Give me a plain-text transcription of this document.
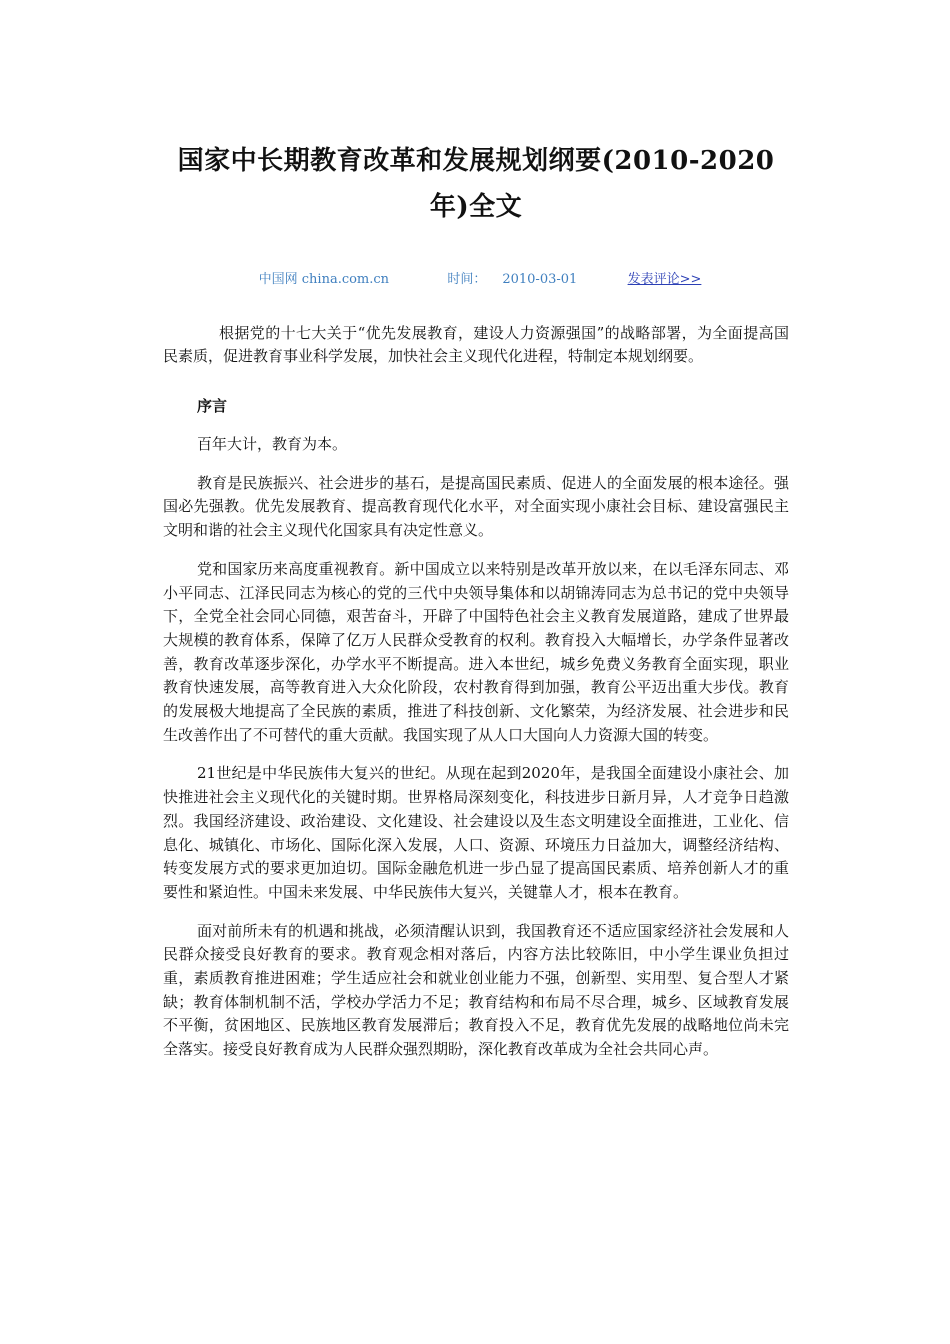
国家中长期教育改革和发展规划纲要(2010-2020年)全文
中国网 china.com.cn	时间： 2010-03-01	发表评论>>

根据党的十七大关于“优先发展教育，建设人力资源强国”的战略部署，为全面提高国民素质，促进教育事业科学发展，加快社会主义现代化进程，特制定本规划纲要。

序言

百年大计，教育为本。

教育是民族振兴、社会进步的基石，是提高国民素质、促进人的全面发展的根本途径。强国必先强教。优先发展教育、提高教育现代化水平，对全面实现小康社会目标、建设富强民主文明和谐的社会主义现代化国家具有决定性意义。

党和国家历来高度重视教育。新中国成立以来特别是改革开放以来，在以毛泽东同志、邓小平同志、江泽民同志为核心的党的三代中央领导集体和以胡锦涛同志为总书记的党中央领导下，全党全社会同心同德，艰苦奋斗，开辟了中国特色社会主义教育发展道路，建成了世界最大规模的教育体系，保障了亿万人民群众受教育的权利。教育投入大幅增长，办学条件显著改善，教育改革逐步深化，办学水平不断提高。进入本世纪，城乡免费义务教育全面实现，职业教育快速发展，高等教育进入大众化阶段，农村教育得到加强，教育公平迈出重大步伐。教育的发展极大地提高了全民族的素质，推进了科技创新、文化繁荣，为经济发展、社会进步和民生改善作出了不可替代的重大贡献。我国实现了从人口大国向人力资源大国的转变。

21世纪是中华民族伟大复兴的世纪。从现在起到2020年，是我国全面建设小康社会、加快推进社会主义现代化的关键时期。世界格局深刻变化，科技进步日新月异，人才竞争日趋激烈。我国经济建设、政治建设、文化建设、社会建设以及生态文明建设全面推进，工业化、信息化、城镇化、市场化、国际化深入发展，人口、资源、环境压力日益加大，调整经济结构、转变发展方式的要求更加迫切。国际金融危机进一步凸显了提高国民素质、培养创新人才的重要性和紧迫性。中国未来发展、中华民族伟大复兴，关键靠人才，根本在教育。

面对前所未有的机遇和挑战，必须清醒认识到，我国教育还不适应国家经济社会发展和人民群众接受良好教育的要求。教育观念相对落后，内容方法比较陈旧，中小学生课业负担过重，素质教育推进困难；学生适应社会和就业创业能力不强，创新型、实用型、复合型人才紧缺；教育体制机制不活，学校办学活力不足；教育结构和布局不尽合理，城乡、区域教育发展不平衡，贫困地区、民族地区教育发展滞后；教育投入不足，教育优先发展的战略地位尚未完全落实。接受良好教育成为人民群众强烈期盼，深化教育改革成为全社会共同心声。
